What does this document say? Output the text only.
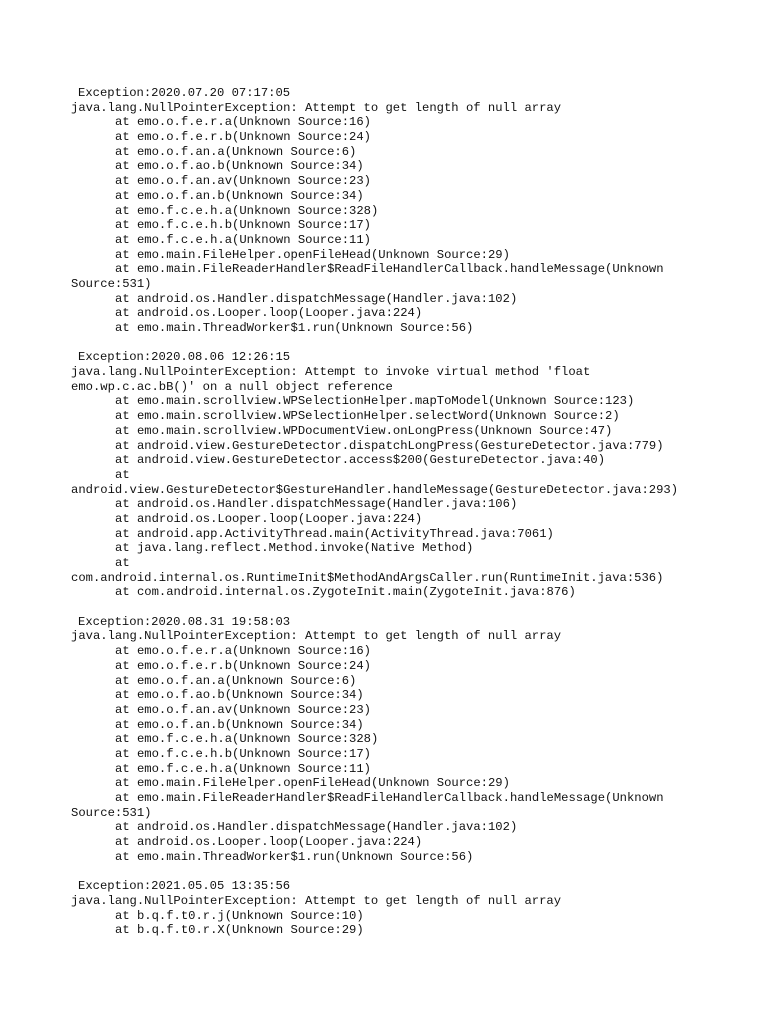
Exception:2020.07.20 07:17:05
java.lang.NullPointerException: Attempt to get length of null array
at emo.o.f.e.r.a(Unknown Source:16)
at emo.o.f.e.r.b(Unknown Source:24)
at emo.o.f.an.a(Unknown Source:6)
at emo.o.f.ao.b(Unknown Source:34)
at emo.o.f.an.av(Unknown Source:23)
at emo.o.f.an.b(Unknown Source:34)
at emo.f.c.e.h.a(Unknown Source:328)
at emo.f.c.e.h.b(Unknown Source:17)
at emo.f.c.e.h.a(Unknown Source:11)
at emo.main.FileHelper.openFileHead(Unknown Source:29)
at emo.main.FileReaderHandler$ReadFileHandlerCallback.handleMessage(Unknown
Source:531)
at android.os.Handler.dispatchMessage(Handler.java:102)
at android.os.Looper.loop(Looper.java:224)
at emo.main.ThreadWorker$1.run(Unknown Source:56)
Exception:2020.08.06 12:26:15
java.lang.NullPointerException: Attempt to invoke virtual method 'float
emo.wp.c.ac.bB()' on a null object reference
at emo.main.scrollview.WPSelectionHelper.mapToModel(Unknown Source:123)
at emo.main.scrollview.WPSelectionHelper.selectWord(Unknown Source:2)
at emo.main.scrollview.WPDocumentView.onLongPress(Unknown Source:47)
at android.view.GestureDetector.dispatchLongPress(GestureDetector.java:779)
at android.view.GestureDetector.access$200(GestureDetector.java:40)
at
android.view.GestureDetector$GestureHandler.handleMessage(GestureDetector.java:293)
at android.os.Handler.dispatchMessage(Handler.java:106)
at android.os.Looper.loop(Looper.java:224)
at android.app.ActivityThread.main(ActivityThread.java:7061)
at java.lang.reflect.Method.invoke(Native Method)
at
com.android.internal.os.RuntimeInit$MethodAndArgsCaller.run(RuntimeInit.java:536)
at com.android.internal.os.ZygoteInit.main(ZygoteInit.java:876)
Exception:2020.08.31 19:58:03
java.lang.NullPointerException: Attempt to get length of null array
at emo.o.f.e.r.a(Unknown Source:16)
at emo.o.f.e.r.b(Unknown Source:24)
at emo.o.f.an.a(Unknown Source:6)
at emo.o.f.ao.b(Unknown Source:34)
at emo.o.f.an.av(Unknown Source:23)
at emo.o.f.an.b(Unknown Source:34)
at emo.f.c.e.h.a(Unknown Source:328)
at emo.f.c.e.h.b(Unknown Source:17)
at emo.f.c.e.h.a(Unknown Source:11)
at emo.main.FileHelper.openFileHead(Unknown Source:29)
at emo.main.FileReaderHandler$ReadFileHandlerCallback.handleMessage(Unknown
Source:531)
at android.os.Handler.dispatchMessage(Handler.java:102)
at android.os.Looper.loop(Looper.java:224)
at emo.main.ThreadWorker$1.run(Unknown Source:56)
Exception:2021.05.05 13:35:56
java.lang.NullPointerException: Attempt to get length of null array
at b.q.f.t0.r.j(Unknown Source:10)
at b.q.f.t0.r.X(Unknown Source:29)
